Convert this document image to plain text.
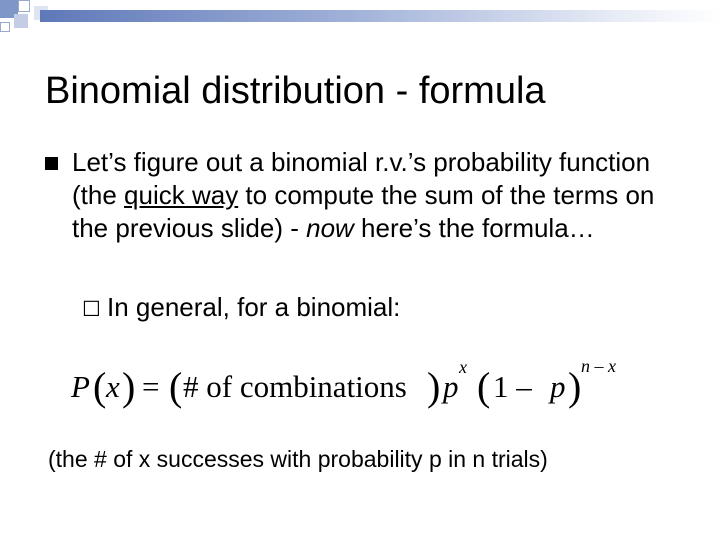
Binomial distribution - formula
Let’s figure out a binomial r.v.’s probability function (the quick way to compute the sum of the terms on the previous slide) - now here’s the formula…
☐ In general, for a binomial:
P ( x ) = ( # of combinations ) p
x ( 1 – p ) n – x
(the # of x successes with probability p in n trials)
